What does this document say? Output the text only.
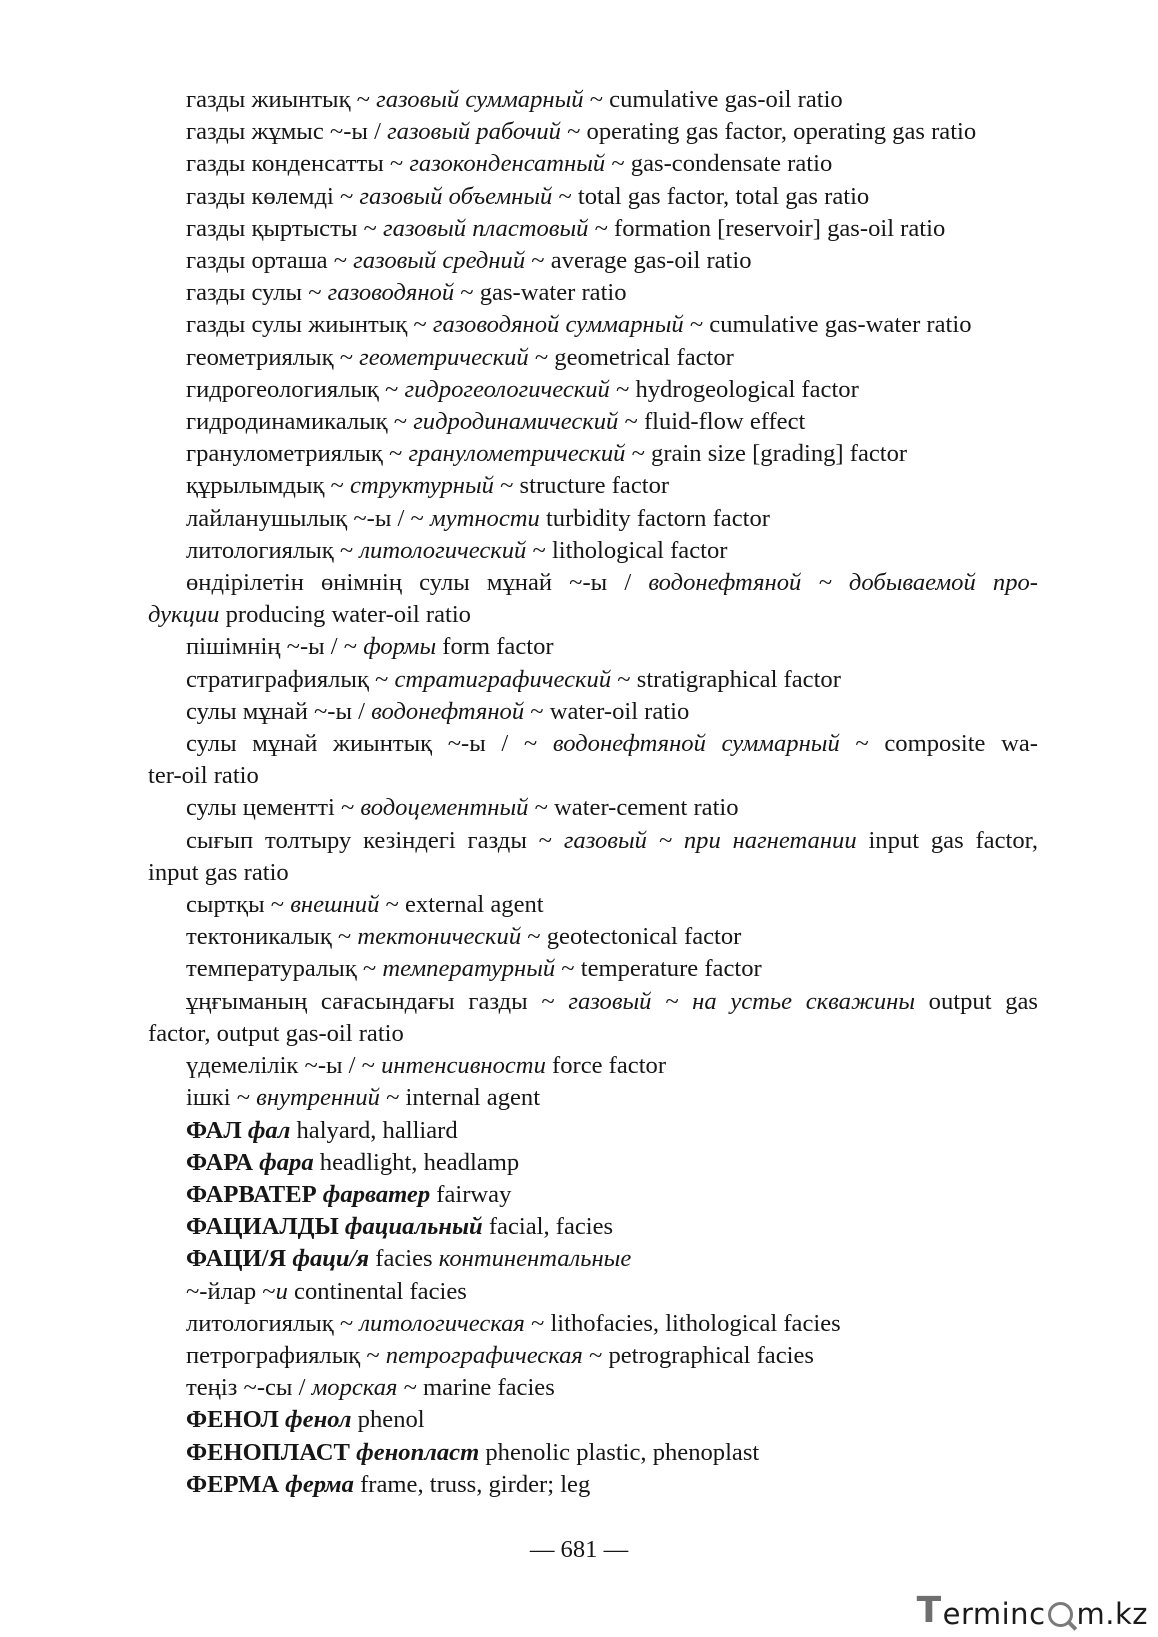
газды жиынтық ~ газовый суммарный ~ cumulative gas-oil ratio
газды жұмыс ~-ы / газовый рабочий ~ operating gas factor, operating gas ratio
газды конденсатты ~ газоконденсатный ~ gas-condensate ratio
газды көлемді ~ газовый объемный ~ total gas factor, total gas ratio
газды қыртысты ~ газовый пластовый ~ formation [reservoir] gas-oil ratio
газды орташа ~ газовый средний ~ average gas-oil ratio
газды сулы ~ газоводяной ~ gas-water ratio
газды сулы жиынтық ~ газоводяной суммарный ~ cumulative gas-water ratio
геометриялық ~ геометрический ~ geometrical factor
гидрогеологиялық ~ гидрогеологический ~ hydrogeological factor
гидродинамикалық ~ гидродинамический ~ fluid-flow effect
гранулометриялық ~ гранулометрический ~ grain size [grading] factor
құрылымдық ~ структурный ~ structure factor
лайланушылық ~-ы / ~ мутности turbidity factorn factor
литологиялық ~ литологический ~ lithological factor
өндірілетін өнімнің сулы мұнай ~-ы / водонефтяной ~ добываемой про-
дукции producing water-oil ratio
пішімнің ~-ы / ~ формы form factor
стратиграфиялық ~ стратиграфический ~ stratigraphical factor
сулы мұнай ~-ы / водонефтяной ~ water-oil ratio
сулы мұнай жиынтық ~-ы / ~ водонефтяной суммарный ~ composite wa-
ter-oil ratio
сулы цементті ~ водоцементный ~ water-cement ratio
сығып толтыру кезіндегі газды ~ газовый ~ при нагнетании input gas factor,
input gas ratio
сыртқы ~ внешний ~ external agent
тектоникалық ~ тектонический ~ geotectonical factor
температуралық ~ температурный ~ temperature factor
ұңғыманың сағасындағы газды ~ газовый ~ на устье скважины output gas
factor, output gas-oil ratio
үдемелілік ~-ы / ~ интенсивности force factor
ішкі ~ внутренний ~ internal agent
ФАЛ фал halyard, halliard
ФАРА фара headlight, headlamp
ФАРВАТЕР фарватер fairway
ФАЦИАЛДЫ фациальный facial, facies
ФАЦИ/Я фаци/я facies континентальные
~-йлар ~и continental facies
литологиялық ~ литологическая ~ lithofacies, lithological facies
петрографиялық ~ петрографическая ~ petrographical facies
теңіз ~-сы / морская ~ marine facies
ФЕНОЛ фенол phenol
ФЕНОПЛАСТ фенопласт phenolic plastic, phenoplast
ФЕРМА ферма frame, truss, girder; leg
— 681 —
T erminc m.kz
